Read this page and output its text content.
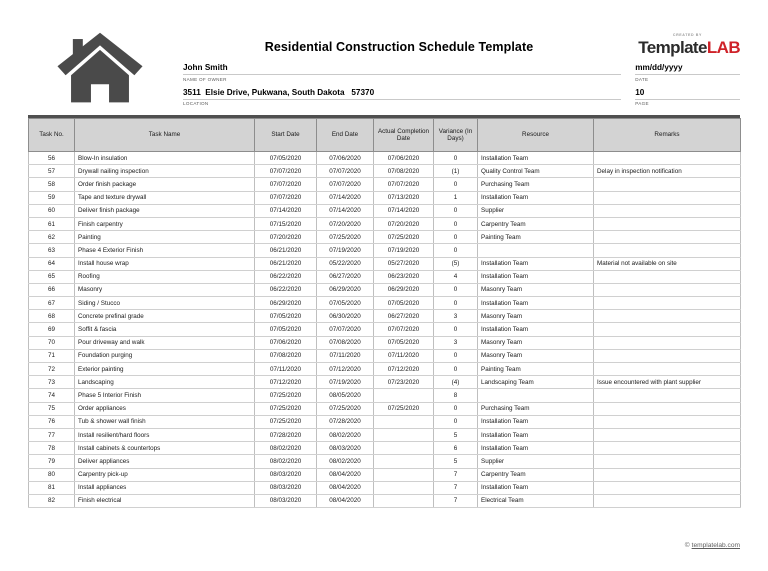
CREATED BY
TemplateLAB
Residential Construction Schedule Template
John Smith
NAME OF OWNER
mm/dd/yyyy
DATE
3511  Elsie Drive, Pukwana, South Dakota   57370
LOCATION
10
PAGE
Task No.	Task Name	Start Date	End Date	Actual Completion Date	Variance (In Days)	Resource	Remarks
56	Blow-In insulation	07/05/2020	07/06/2020	07/06/2020	0	Installation Team	
57	Drywall nailing inspection	07/07/2020	07/07/2020	07/08/2020	(1)	Quality Control Team	Delay in inspection notification
58	Order finish package	07/07/2020	07/07/2020	07/07/2020	0	Purchasing Team	
59	Tape and texture drywall	07/07/2020	07/14/2020	07/13/2020	1	Installation Team	
60	Deliver finish package	07/14/2020	07/14/2020	07/14/2020	0	Supplier	
61	Finish carpentry	07/15/2020	07/20/2020	07/20/2020	0	Carpentry Team	
62	Painting	07/20/2020	07/25/2020	07/25/2020	0	Painting Team	
63	Phase 4 Exterior Finish	06/21/2020	07/19/2020	07/19/2020	0		
64	Install house wrap	06/21/2020	05/22/2020	05/27/2020	(5)	Installation Team	Material not available on site
65	Roofing	06/22/2020	06/27/2020	06/23/2020	4	Installation Team	
66	Masonry	06/22/2020	06/29/2020	06/29/2020	0	Masonry Team	
67	Siding / Stucco	06/29/2020	07/05/2020	07/05/2020	0	Installation Team	
68	Concrete prefinal grade	07/05/2020	06/30/2020	06/27/2020	3	Masonry Team	
69	Soffit & fascia	07/05/2020	07/07/2020	07/07/2020	0	Installation Team	
70	Pour driveway and walk	07/06/2020	07/08/2020	07/05/2020	3	Masonry Team	
71	Foundation purging	07/08/2020	07/11/2020	07/11/2020	0	Masonry Team	
72	Exterior painting	07/11/2020	07/12/2020	07/12/2020	0	Painting Team	
73	Landscaping	07/12/2020	07/19/2020	07/23/2020	(4)	Landscaping Team	Issue encountered with plant supplier
74	Phase 5 Interior Finish	07/25/2020	08/05/2020		8		
75	Order appliances	07/25/2020	07/25/2020	07/25/2020	0	Purchasing Team	
76	Tub & shower wall finish	07/25/2020	07/28/2020		0	Installation Team	
77	Install resilient/hard floors	07/28/2020	08/02/2020		5	Installation Team	
78	Install cabinets & countertops	08/02/2020	08/03/2020		6	Installation Team	
79	Deliver appliances	08/02/2020	08/02/2020		5	Supplier	
80	Carpentry pick-up	08/03/2020	08/04/2020		7	Carpentry Team	
81	Install appliances	08/03/2020	08/04/2020		7	Installation Team	
82	Finish electrical	08/03/2020	08/04/2020		7	Electrical Team	
© templatelab.com
